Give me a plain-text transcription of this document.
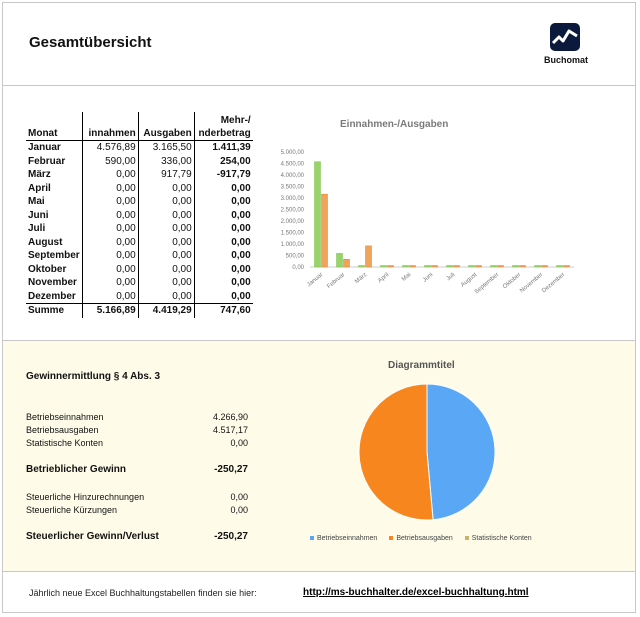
Gesamtübersicht
Buchomat
Monat	innahmen	Ausgaben	Mehr-/
nderbetrag
Januar	4.576,89	3.165,50	1.411,39
Februar	590,00	336,00	254,00
März	0,00	917,79	-917,79
April	0,00	0,00	0,00
Mai	0,00	0,00	0,00
Juni	0,00	0,00	0,00
Juli	0,00	0,00	0,00
August	0,00	0,00	0,00
September	0,00	0,00	0,00
Oktober	0,00	0,00	0,00
November	0,00	0,00	0,00
Dezember	0,00	0,00	0,00
Summe	5.166,89	4.419,29	747,60
Einnahmen-/Ausgaben
0,00
500,00
1.000,00
1.500,00
2.000,00
2.500,00
3.000,00
3.500,00
4.000,00
4.500,00
5.000,00
Januar Februar März April Mai Juni Juli August
September Oktober
November
Dezember
Gewinnermittlung § 4 Abs. 3
Betriebseinnahmen	4.266,90
Betriebsausgaben	4.517,17
Statistische Konten	0,00
Betrieblicher Gewinn	-250,27
Steuerliche Hinzurechnungen	0,00
Steuerliche Kürzungen	0,00
Steuerlicher Gewinn/Verlust	-250,27
Diagrammtitel
Betriebseinnahmen	Betriebsausgaben	Statistische Konten
Jährlich neue Excel Buchhaltungstabellen finden sie hier:	http://ms-buchhalter.de/excel-buchhaltung.html
